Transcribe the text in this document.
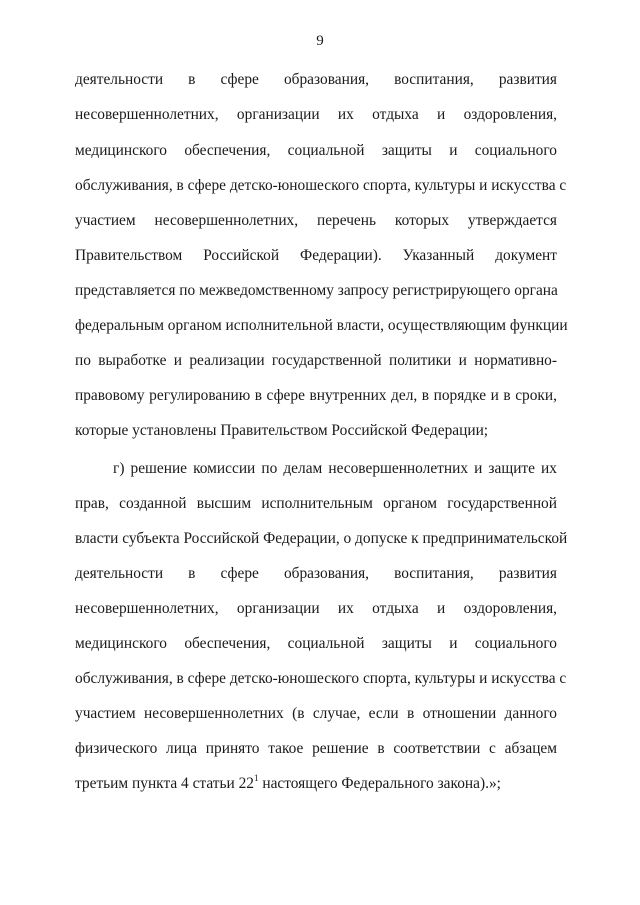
9
деятельности в сфере образования, воспитания, развития
несовершеннолетних, организации их отдыха и оздоровления,
медицинского обеспечения, социальной защиты и социального
обслуживания, в сфере детско-юношеского спорта, культуры и искусства с
участием несовершеннолетних, перечень которых утверждается
Правительством Российской Федерации). Указанный документ
представляется по межведомственному запросу регистрирующего органа
федеральным органом исполнительной власти, осуществляющим функции
по выработке и реализации государственной политики и нормативно-
правовому регулированию в сфере внутренних дел, в порядке и в сроки,
которые установлены Правительством Российской Федерации;
г) решение комиссии по делам несовершеннолетних и защите их
прав, созданной высшим исполнительным органом государственной
власти субъекта Российской Федерации, о допуске к предпринимательской
деятельности в сфере образования, воспитания, развития
несовершеннолетних, организации их отдыха и оздоровления,
медицинского обеспечения, социальной защиты и социального
обслуживания, в сфере детско-юношеского спорта, культуры и искусства с
участием несовершеннолетних (в случае, если в отношении данного
физического лица принято такое решение в соответствии с абзацем
третьим пункта 4 статьи 22$^1$ настоящего Федерального закона).»;
